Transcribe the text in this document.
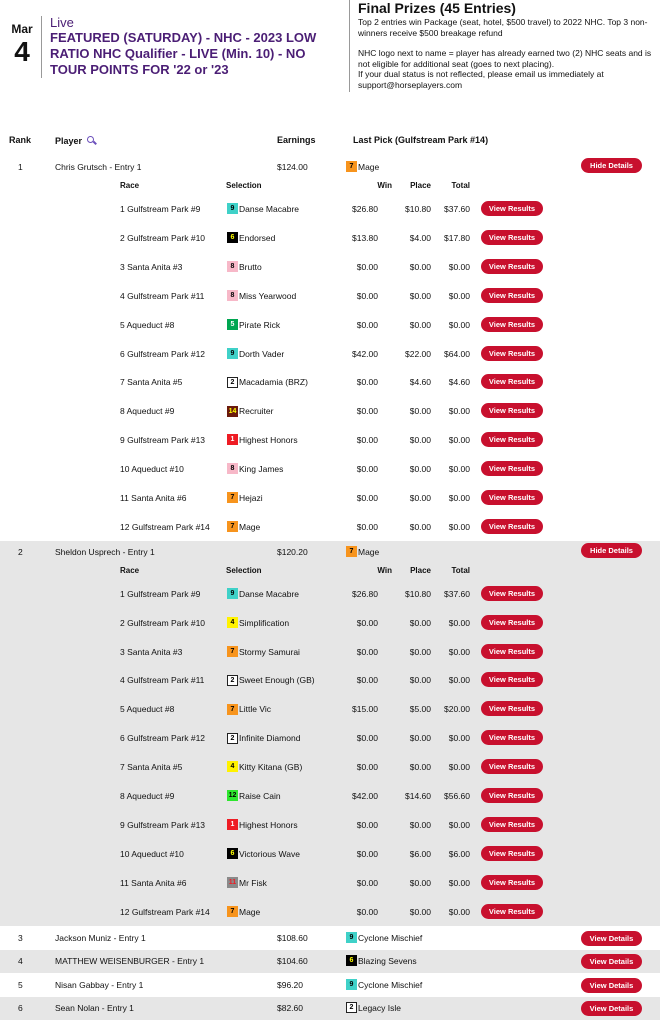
Mar
4
Live
FEATURED (SATURDAY) - NHC - 2023 LOW RATIO NHC Qualifier - LIVE (Min. 10) - NO TOUR POINTS FOR '22 or '23
Final Prizes (45 Entries)

Top 2 entries win Package (seat, hotel, $500 travel) to 2022 NHC. Top 3 non-winners receive $500 breakage refund

NHC logo next to name = player has already earned two (2) NHC seats and is not eligible for additional seat (goes to next placing).

If your dual status is not reflected, please email us immediately at support@horseplayers.com

Rank	Player	Earnings	Last Pick (Gulfstream Park #14)
1	Chris Grutsch - Entry 1	$124.00	7 Mage	Hide Details
Race	Selection	Win Place	Total
1 Gulfstream Park #9	9 Danse Macabre	$26.80	$10.80 $37.60	View Results
2 Gulfstream Park #10	6 Endorsed	$13.80	$4.00 $17.80	View Results
3 Santa Anita #3	8 Brutto	$0.00	$0.00 $0.00	View Results
4 Gulfstream Park #11	8 Miss Yearwood	$0.00	$0.00 $0.00	View Results
5 Aqueduct #8	5 Pirate Rick	$0.00	$0.00 $0.00	View Results
6 Gulfstream Park #12	9 Dorth Vader	$42.00	$22.00 $64.00	View Results
7 Santa Anita #5	2 Macadamia (BRZ)	$0.00	$4.60 $4.60	View Results
8 Aqueduct #9	14 Recruiter	$0.00	$0.00 $0.00	View Results
9 Gulfstream Park #13	1 Highest Honors	$0.00	$0.00 $0.00	View Results
10 Aqueduct #10	8 King James	$0.00	$0.00 $0.00	View Results
11 Santa Anita #6	7 Hejazi	$0.00	$0.00 $0.00	View Results
12 Gulfstream Park #14	7 Mage	$0.00	$0.00 $0.00	View Results
2	Sheldon Usprech - Entry 1	$120.20	7 Mage	Hide Details
Race	Selection	Win Place	Total
1 Gulfstream Park #9	9 Danse Macabre	$26.80	$10.80 $37.60	View Results
2 Gulfstream Park #10	4 Simplification	$0.00	$0.00 $0.00	View Results
3 Santa Anita #3	7 Stormy Samurai	$0.00	$0.00 $0.00	View Results
4 Gulfstream Park #11	2 Sweet Enough (GB)	$0.00	$0.00 $0.00	View Results
5 Aqueduct #8	7 Little Vic	$15.00	$5.00 $20.00	View Results
6 Gulfstream Park #12	2 Infinite Diamond	$0.00	$0.00 $0.00	View Results
7 Santa Anita #5	4 Kitty Kitana (GB)	$0.00	$0.00 $0.00	View Results
8 Aqueduct #9	12 Raise Cain	$42.00	$14.60 $56.60	View Results
9 Gulfstream Park #13	1 Highest Honors	$0.00	$0.00 $0.00	View Results
10 Aqueduct #10	6 Victorious Wave	$0.00	$6.00 $6.00	View Results
11 Santa Anita #6	11 Mr Fisk	$0.00	$0.00 $0.00	View Results
12 Gulfstream Park #14	7 Mage	$0.00	$0.00 $0.00	View Results
3	Jackson Muniz - Entry 1	$108.60	9 Cyclone Mischief	View Details
4	MATTHEW WEISENBURGER - Entry 1	$104.60	6 Blazing Sevens	View Details
5	Nisan Gabbay - Entry 1	$96.20	9 Cyclone Mischief	View Details
6	Sean Nolan - Entry 1	$82.60	2 Legacy Isle	View Details
